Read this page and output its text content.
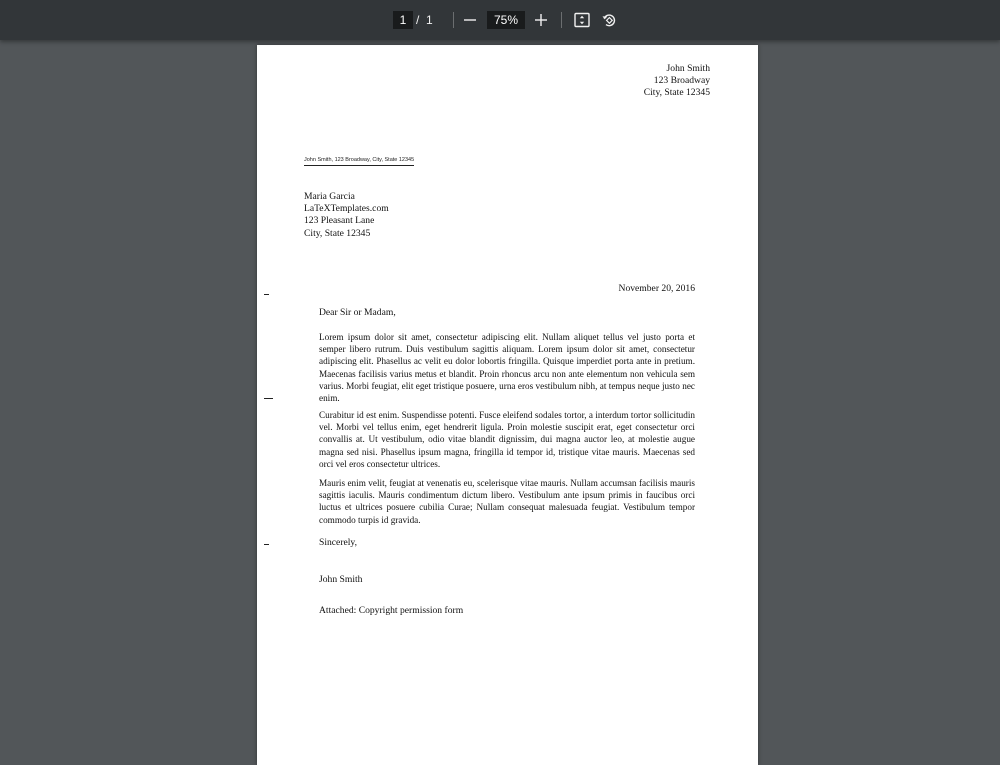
1 / 1	75%
John Smith
123 Broadway
City, State 12345
John Smith, 123 Broadway, City, State 12345
Maria Garcia
LaTeXTemplates.com
123 Pleasant Lane
City, State 12345
November 20, 2016
Dear Sir or Madam,
Lorem ipsum dolor sit amet, consectetur adipiscing elit. Nullam aliquet tellus vel justo porta et semper libero rutrum. Duis vestibulum sagittis aliquam. Lorem ipsum dolor sit amet, consectetur adipiscing elit. Phasellus ac velit eu dolor lobortis fringilla. Quisque imperdiet porta ante in pretium. Maecenas facilisis varius metus et blandit. Proin rhoncus arcu non ante elementum non vehicula sem varius. Morbi feugiat, elit eget tristique posuere, urna eros vestibulum nibh, at tempus neque justo nec enim.
Curabitur id est enim. Suspendisse potenti. Fusce eleifend sodales tortor, a interdum tortor sollicitudin vel. Morbi vel tellus enim, eget hendrerit ligula. Proin molestie suscipit erat, eget consectetur orci convallis at. Ut vestibulum, odio vitae blandit dignissim, dui magna auctor leo, at molestie augue magna sed nisi. Phasellus ipsum magna, fringilla id tempor id, tristique vitae mauris. Maecenas sed orci vel eros consectetur ultrices.
Mauris enim velit, feugiat at venenatis eu, scelerisque vitae mauris. Nullam accumsan facilisis mauris sagittis iaculis. Mauris condimentum dictum libero. Vestibulum ante ipsum primis in faucibus orci luctus et ultrices posuere cubilia Curae; Nullam consequat malesuada feugiat. Vestibulum tempor commodo turpis id gravida.
Sincerely,
John Smith
Attached: Copyright permission form
